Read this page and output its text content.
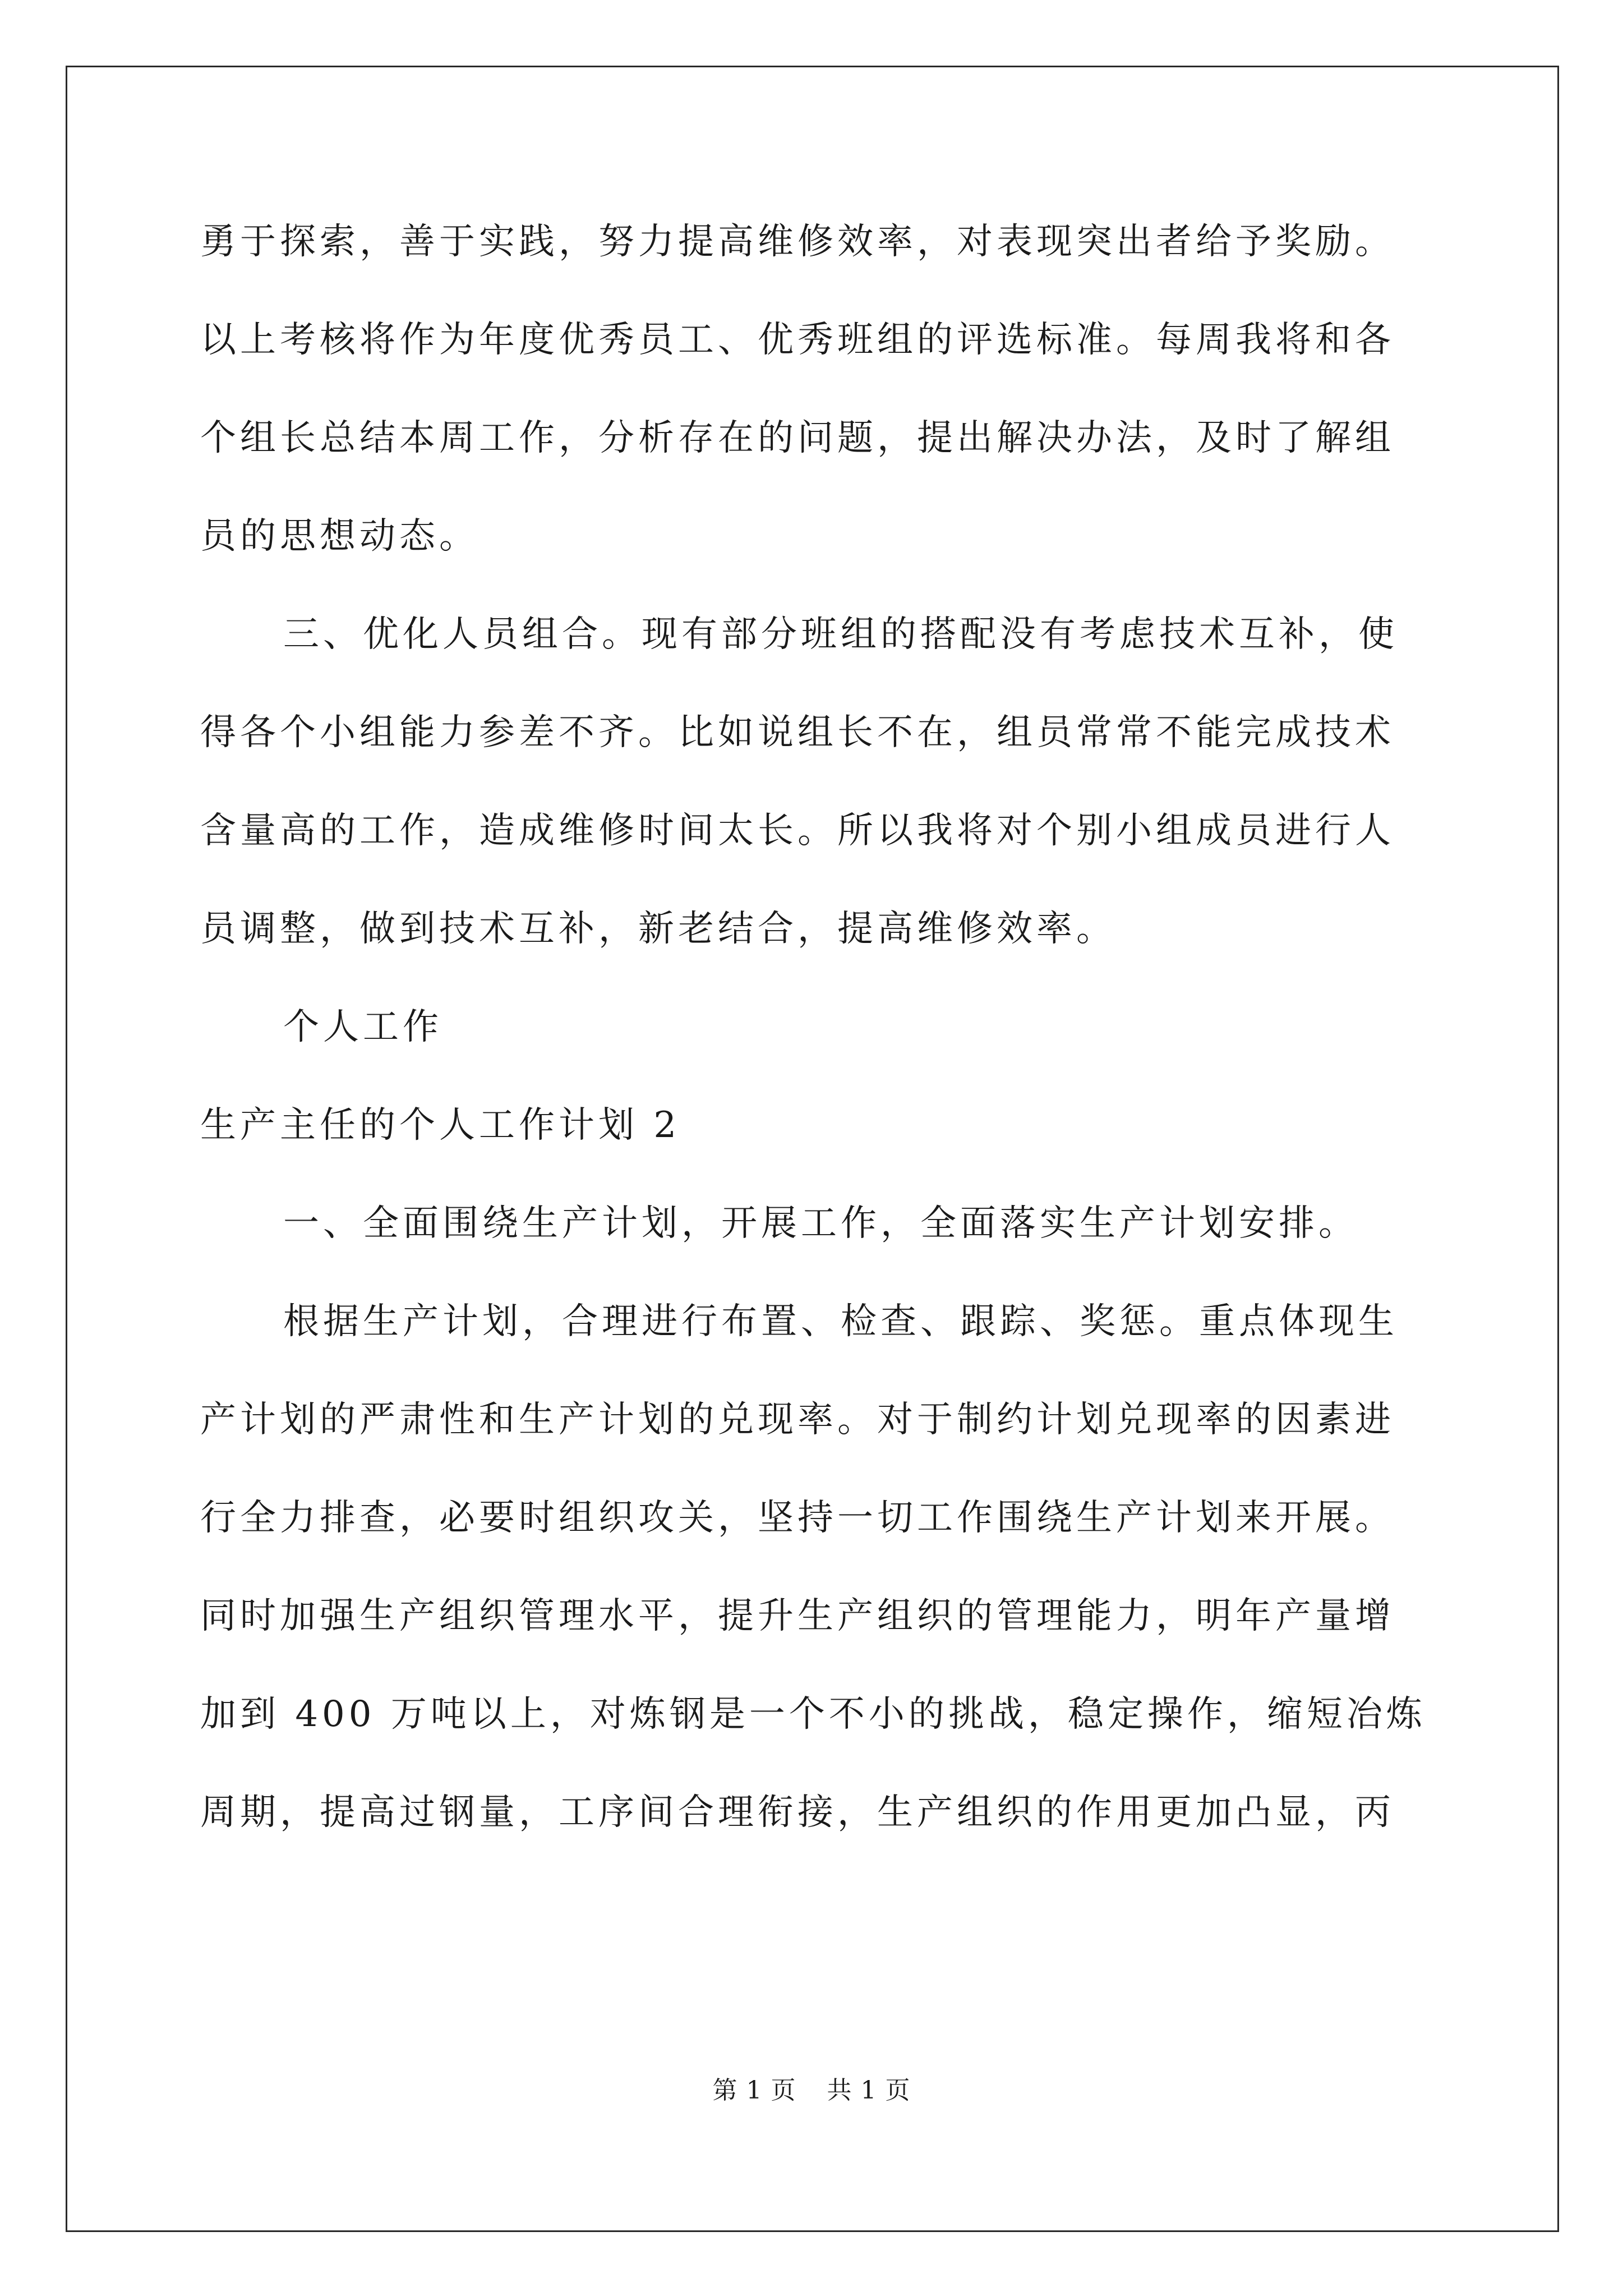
勇于探索，善于实践，努力提高维修效率，对表现突出者给予奖励。
以上考核将作为年度优秀员工、优秀班组的评选标准。每周我将和各
个组长总结本周工作，分析存在的问题，提出解决办法，及时了解组
员的思想动态。
三、优化人员组合。现有部分班组的搭配没有考虑技术互补，使
得各个小组能力参差不齐。比如说组长不在，组员常常不能完成技术
含量高的工作，造成维修时间太长。所以我将对个别小组成员进行人
员调整，做到技术互补，新老结合，提高维修效率。
个人工作
生产主任的个人工作计划 2
一、全面围绕生产计划，开展工作，全面落实生产计划安排。
根据生产计划，合理进行布置、检查、跟踪、奖惩。重点体现生
产计划的严肃性和生产计划的兑现率。对于制约计划兑现率的因素进
行全力排查，必要时组织攻关，坚持一切工作围绕生产计划来开展。
同时加强生产组织管理水平，提升生产组织的管理能力，明年产量增
加到 400 万吨以上，对炼钢是一个不小的挑战，稳定操作，缩短冶炼
周期，提高过钢量，工序间合理衔接，生产组织的作用更加凸显，丙
第 1 页 共 1 页
